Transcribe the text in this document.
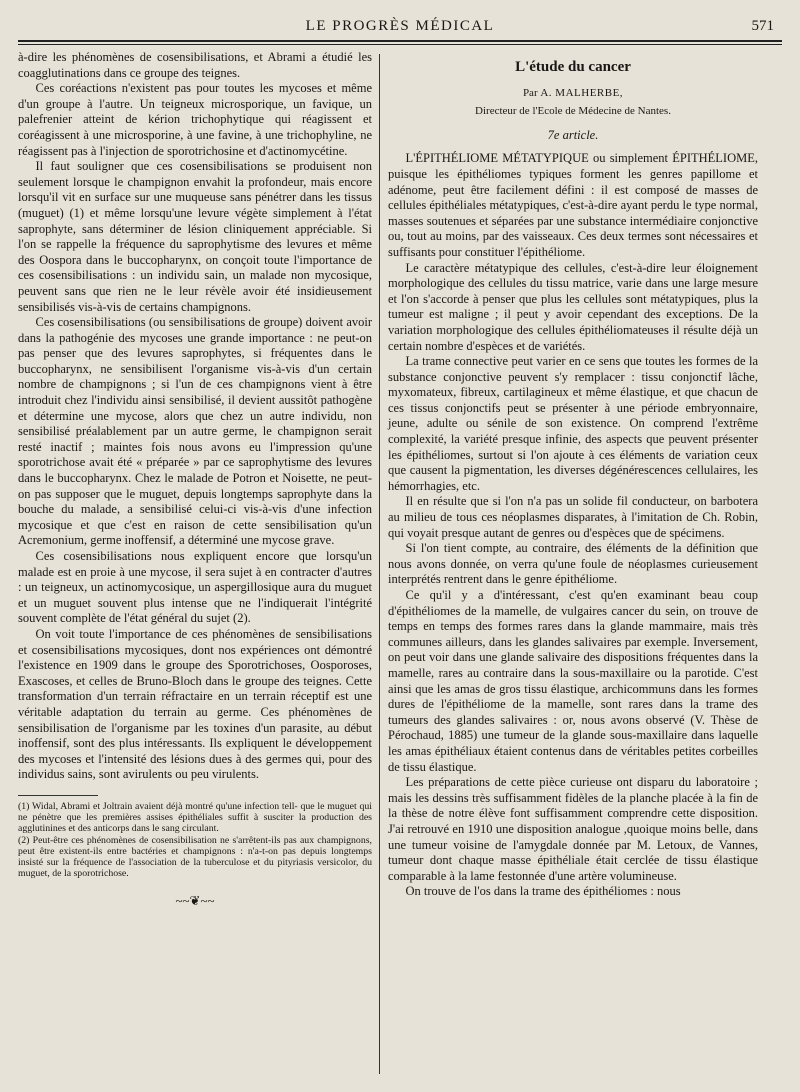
LE PROGRÈS MÉDICAL	571

à-dire les phénomènes de cosensibilisations, et Abrami a étudié les coagglutinations dans ce groupe des teignes.

Ces coréactions n'existent pas pour toutes les mycoses et même d'un groupe à l'autre. Un teigneux microsporique, un favique, un palefrenier atteint de kérion trichophytique qui réagissent et coréagissent à une microsporine, à une favine, à une trichophyline, ne réagissent pas à l'injection de sporotrichosine et d'actinomycétine.

Il faut souligner que ces cosensibilisations se produisent non seulement lorsque le champignon envahit la profondeur, mais encore lorsqu'il vit en surface sur une muqueuse sans pénétrer dans les tissus (muguet) (1) et même lorsqu'une levure végète simplement à l'état saprophyte, sans déterminer de lésion cliniquement appréciable. Si l'on se rappelle la fréquence du saprophytisme des levures et même des Oospora dans le buccopharynx, on conçoit toute l'importance de ces cosensibilisations : un individu sain, un malade non mycosique, peuvent sans que rien ne le leur révèle avoir été insidieusement sensibilisés vis-à-vis de certains champignons.

Ces cosensibilisations (ou sensibilisations de groupe) doivent avoir dans la pathogénie des mycoses une grande importance : ne peut-on pas penser que des levures saprophytes, si fréquentes dans le buccopharynx, ne sensibilisent l'organisme vis-à-vis d'un certain nombre de champignons ; si l'un de ces champignons vient à être introduit chez l'individu ainsi sensibilisé, il devient aussitôt pathogène et détermine une mycose, alors que chez un autre individu, non sensibilisé préalablement par un autre germe, le champignon serait resté inactif ; maintes fois nous avons eu l'impression qu'une sporotrichose avait été « préparée » par ce saprophytisme des levures dans le buccopharynx. Chez le malade de Potron et Noisette, ne peut-on pas supposer que le muguet, depuis longtemps saprophyte dans la bouche du malade, a sensibilisé celui-ci vis-à-vis d'une infection mycosique et que c'est en raison de cette sensibilisation qu'un Acremonium, germe inoffensif, a déterminé une mycose grave.

Ces cosensibilisations nous expliquent encore que lorsqu'un malade est en proie à une mycose, il sera sujet à en contracter d'autres : un teigneux, un actinomycosique, un aspergillosique aura du muguet et un muguet souvent plus intense que ne l'indiquerait l'intégrité souvent complète de l'état général du sujet (2).

On voit toute l'importance de ces phénomènes de sensibilisations et cosensibilisations mycosiques, dont nos expériences ont démontré l'existence en 1909 dans le groupe des Sporotrichoses, Oosporoses, Exascoses, et celles de Bruno-Bloch dans le groupe des teignes. Cette transformation d'un terrain réfractaire en un terrain réceptif est une véritable adaptation du terrain au germe. Ces phénomènes de sensibilisation de l'organisme par les toxines d'un parasite, au début inoffensif, sont des plus intéressants. Ils expliquent le développement des mycoses et l'intensité des lésions dues à des germes qui, pour des individus sains, sont avirulents ou peu virulents.

(1) Widal, Abrami et Joltrain avaient déjà montré qu'une infection tell- que le muguet qui ne pénètre que les premières assises épithéliales suffit à susciter la production des agglutinines et des anticorps dans le sang circulant.

(2) Peut-être ces phénomènes de cosensibilisation ne s'arrêtent-ils pas aux champignons, peut être existent-ils entre bactéries et champignons : n'a-t-on pas depuis longtemps insisté sur la fréquence de l'association de la tuberculose et du pityriasis versicolor, du muguet, de la sporotrichose.

~~❦~~

L'étude du cancer

Par A. MALHERBE,

Directeur de l'Ecole de Médecine de Nantes.

7e article.

L'ÉPITHÉLIOME MÉTATYPIQUE ou simplement ÉPITHÉLIOME, puisque les épithéliomes typiques forment les genres papillome et adénome, peut être facilement défini : il est composé de masses de cellules épithéliales métatypiques, c'est-à-dire ayant perdu le type normal, masses soutenues et séparées par une substance intermédiaire conjonctive ou, tout au moins, par des vaisseaux. Ces deux termes sont nécessaires et suffisants pour constituer l'épithéliome.

Le caractère métatypique des cellules, c'est-à-dire leur éloignement morphologique des cellules du tissu matrice, varie dans une large mesure et l'on s'accorde à penser que plus les cellules sont métatypiques, plus la tumeur est maligne ; il peut y avoir cependant des exceptions. De la variation morphologique des cellules épithéliomateuses il résulte déjà un certain nombre d'espèces et de variétés.

La trame connective peut varier en ce sens que toutes les formes de la substance conjonctive peuvent s'y remplacer : tissu conjonctif lâche, myxomateux, fibreux, cartilagineux et même élastique, et que chacun de ces tissus conjonctifs peut se présenter à une période embryonnaire, jeune, adulte ou sénile de son existence. On comprend l'extrême complexité, la variété presque infinie, des aspects que peuvent présenter les épithéliomes, surtout si l'on ajoute à ces éléments de variation ceux que causent la pigmentation, les diverses dégénérescences cellulaires, les hémorrhagies, etc.

Il en résulte que si l'on n'a pas un solide fil conducteur, on barbotera au milieu de tous ces néoplasmes disparates, à l'imitation de Ch. Robin, qui voyait presque autant de genres ou d'espèces que de spécimens.

Si l'on tient compte, au contraire, des éléments de la définition que nous avons donnée, on verra qu'une foule de néoplasmes curieusement interprétés rentrent dans le genre épithéliome.

Ce qu'il y a d'intéressant, c'est qu'en examinant beau coup d'épithéliomes de la mamelle, de vulgaires cancer du sein, on trouve de temps en temps des formes rares dans la glande mammaire, mais très communes ailleurs, dans les glandes salivaires par exemple. Inversement, on peut voir dans une glande salivaire des dispositions fréquentes dans la mamelle, rares au contraire dans la sous-maxillaire ou la parotide. C'est ainsi que les amas de gros tissu élastique, archicommuns dans les formes dures de l'épithéliome de la mamelle, sont rares dans la trame des tumeurs des glandes salivaires : or, nous avons observé (V. Thèse de Pérochaud, 1885) une tumeur de la glande sous-maxillaire dans laquelle les amas épithéliaux étaient contenus dans de véritables petites corbeilles de tissu élastique.

Les préparations de cette pièce curieuse ont disparu du laboratoire ; mais les dessins très suffisamment fidèles de la planche placée à la fin de la thèse de notre élève font suffisamment comprendre cette disposition. J'ai retrouvé en 1910 une disposition analogue ,quoique moins belle, dans une tumeur voisine de l'amygdale donnée par M. Letoux, de Vannes, tumeur dont chaque masse épithéliale était cerclée de tissu élastique comparable à la lame festonnée d'une artère volumineuse.

On trouve de l'os dans la trame des épithéliomes : nous
